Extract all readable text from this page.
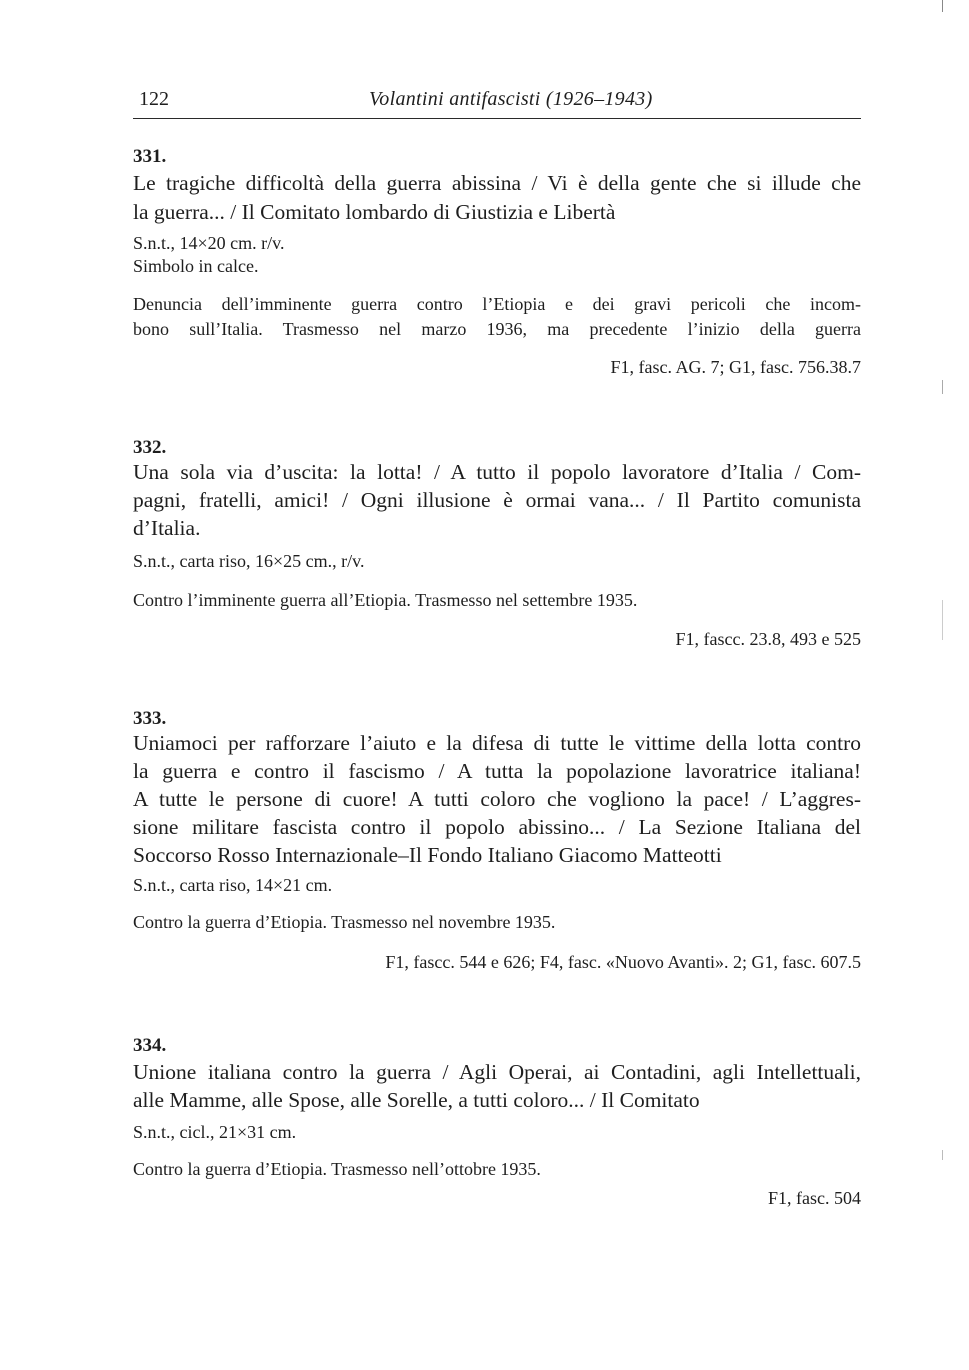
122	Volantini antifascisti (1926–1943)
331.
Le tragiche difficoltà della guerra abissina / Vi è della gente che si illude che
la guerra... / Il Comitato lombardo di Giustizia e Libertà
S.n.t., 14×20 cm. r/v.
Simbolo in calce.
Denuncia dell’imminente guerra contro l’Etiopia e dei gravi pericoli che incom-
bono sull’Italia. Trasmesso nel marzo 1936, ma precedente l’inizio della guerra
F1, fasc. AG. 7; G1, fasc. 756.38.7
332.
Una sola via d’uscita: la lotta! / A tutto il popolo lavoratore d’Italia / Com-
pagni, fratelli, amici! / Ogni illusione è ormai vana... / Il Partito comunista
d’Italia.
S.n.t., carta riso, 16×25 cm., r/v.
Contro l’imminente guerra all’Etiopia. Trasmesso nel settembre 1935.
F1, fascc. 23.8, 493 e 525
333.
Uniamoci per rafforzare l’aiuto e la difesa di tutte le vittime della lotta contro
la guerra e contro il fascismo / A tutta la popolazione lavoratrice italiana!
A tutte le persone di cuore! A tutti coloro che vogliono la pace! / L’aggres-
sione militare fascista contro il popolo abissino... / La Sezione Italiana del
Soccorso Rosso Internazionale–Il Fondo Italiano Giacomo Matteotti
S.n.t., carta riso, 14×21 cm.
Contro la guerra d’Etiopia. Trasmesso nel novembre 1935.
F1, fascc. 544 e 626; F4, fasc. «Nuovo Avanti». 2; G1, fasc. 607.5
334.
Unione italiana contro la guerra / Agli Operai, ai Contadini, agli Intellettuali,
alle Mamme, alle Spose, alle Sorelle, a tutti coloro... / Il Comitato
S.n.t., cicl., 21×31 cm.
Contro la guerra d’Etiopia. Trasmesso nell’ottobre 1935.
F1, fasc. 504
